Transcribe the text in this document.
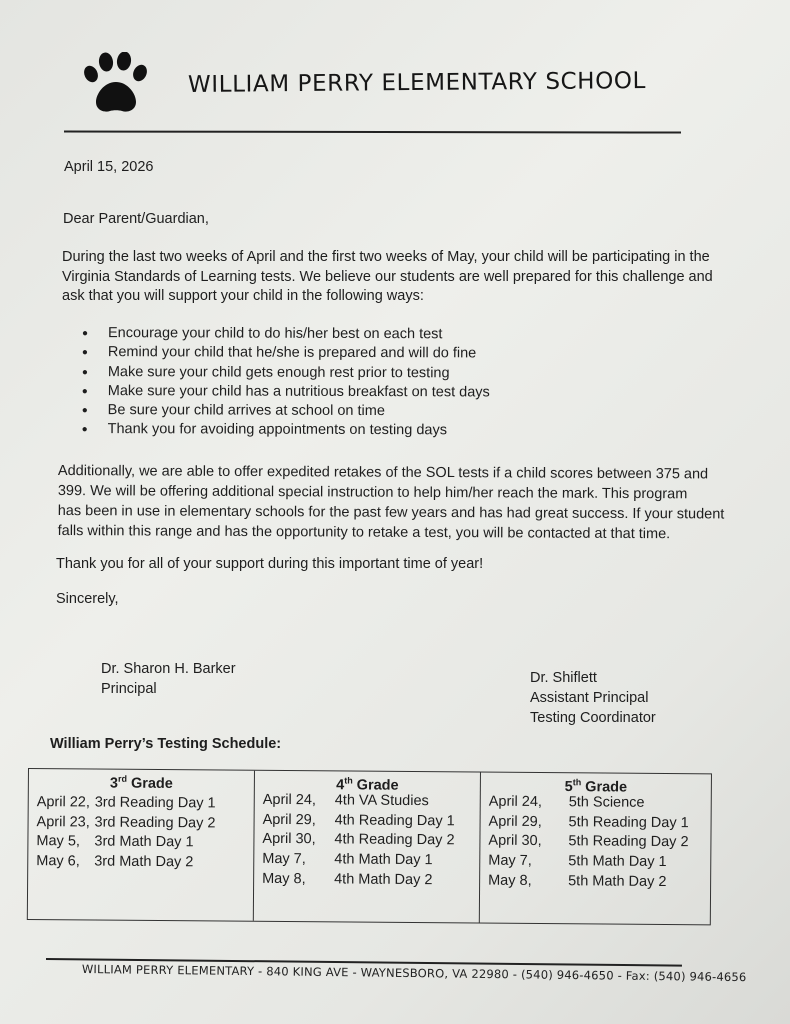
WILLIAM PERRY ELEMENTARY SCHOOL
April 15, 2026
Dear Parent/Guardian,
During the last two weeks of April and the first two weeks of May, your child will be participating in the
Virginia Standards of Learning tests. We believe our students are well prepared for this challenge and
ask that you will support your child in the following ways:
● Encourage your child to do his/her best on each test
● Remind your child that he/she is prepared and will do fine
● Make sure your child gets enough rest prior to testing
● Make sure your child has a nutritious breakfast on test days
● Be sure your child arrives at school on time
● Thank you for avoiding appointments on testing days
Additionally, we are able to offer expedited retakes of the SOL tests if a child scores between 375 and
399. We will be offering additional special instruction to help him/her reach the mark. This program
has been in use in elementary schools for the past few years and has had great success. If your student
falls within this range and has the opportunity to retake a test, you will be contacted at that time.
Thank you for all of your support during this important time of year!
Sincerely,
Dr. Sharon H. Barker
Principal
Dr. Shiflett
Assistant Principal
Testing Coordinator
William Perry’s Testing Schedule:
3rd Grade
April 22, 3rd Reading Day 1
April 23, 3rd Reading Day 2
May 5, 3rd Math Day 1
May 6, 3rd Math Day 2
4th Grade
April 24,	4th VA Studies
April 29,	4th Reading Day 1
April 30,	4th Reading Day 2
May 7,	4th Math Day 1
May 8,	4th Math Day 2
5th Grade
April 24,	5th Science
April 29,	5th Reading Day 1
April 30,	5th Reading Day 2
May 7,	5th Math Day 1
May 8,	5th Math Day 2
WILLIAM PERRY ELEMENTARY - 840 KING AVE - WAYNESBORO, VA 22980 - (540) 946-4650 - Fax: (540) 946-4656
